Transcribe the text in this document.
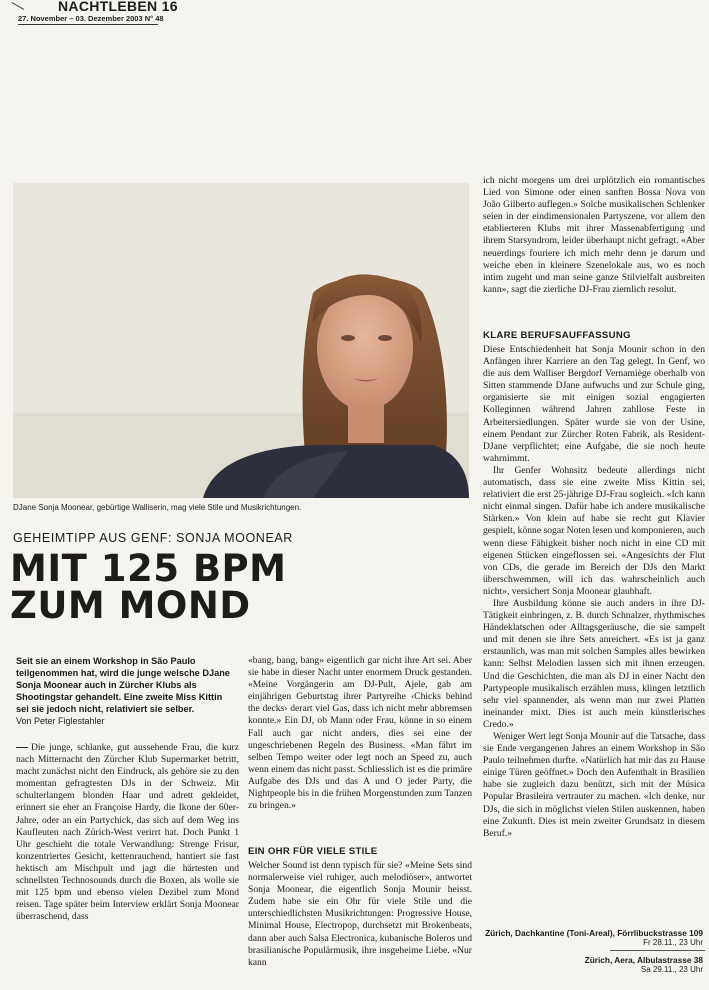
NACHTLEBEN 16
27. November – 03. Dezember 2003 N° 48
DJane Sonja Moonear, gebürtige Walliserin, mag viele Stile und Musikrichtungen.
GEHEIMTIPP AUS GENF: SONJA MOONEAR
MIT 125 BPM
ZUM MOND
Seit sie an einem Workshop in São Paulo teilgenommen hat, wird die junge welsche DJane Sonja Moonear auch in Zürcher Klubs als Shootingstar gehandelt. Eine zweite Miss Kittin sei sie jedoch nicht, relativiert sie selber.
Von Peter Figlestahler

Die junge, schlanke, gut aussehende Frau, die kurz nach Mitternacht den Zürcher Klub Supermarket betritt, macht zunächst nicht den Eindruck, als gehöre sie zu den momentan gefragtesten DJs in der Schweiz. Mit schulterlangem blonden Haar und adrett gekleidet, erinnert sie eher an Françoise Hardy, die Ikone der 60er-Jahre, oder an ein Partychick, das sich auf dem Weg ins Kaufleuten nach Zürich-West verirrt hat. Doch Punkt 1 Uhr geschieht die totale Verwandlung: Strenge Frisur, konzentriertes Gesicht, kettenrauchend, hantiert sie fast hektisch am Mischpult und jagt die härtesten und schnellsten Technosounds durch die Boxen, als wolle sie mit 125 bpm und ebenso vielen Dezibel zum Mond reisen. Tage später beim Interview erklärt Sonja Moonear überraschend, dass

«bang, bang, bang» eigentlich gar nicht ihre Art sei. Aber sie habe in dieser Nacht unter enormem Druck gestanden. «Meine Vorgängerin am DJ-Pult, Ajele, gab am einjährigen Geburtstag ihrer Partyreihe ‹Chicks behind the decks› derart viel Gas, dass ich nicht mehr abbremsen konnte.» Ein DJ, ob Mann oder Frau, könne in so einem Fall auch gar nicht anders, dies sei eine der ungeschriebenen Regeln des Business. «Man fährt im selben Tempo weiter oder legt noch an Speed zu, auch wenn einem das nicht passt. Schliesslich ist es die primäre Aufgabe des DJs und das A und O jeder Party, die Nightpeople bis in die frühen Morgenstunden zum Tanzen zu bringen.»

EIN OHR FÜR VIELE STILE

Welcher Sound ist denn typisch für sie? «Meine Sets sind normalerweise viel ruhiger, auch melodiöser», antwortet Sonja Moonear, die eigentlich Sonja Mounir heisst. Zudem habe sie ein Ohr für viele Stile und die unterschiedlichsten Musikrichtungen: Progressive House, Minimal House, Electropop, durchsetzt mit Brokenbeats, dann aber auch Salsa Electronica, kubanische Boleros und brasilianische Populärmusik, ihre insgeheime Liebe. «Nur kann

ich nicht morgens um drei urplötzlich ein romantisches Lied von Simone oder einen sanften Bossa Nova von João Gilberto auflegen.» Solche musikalischen Schlenker seien in der eindimensionalen Partyszene, vor allem den etablierteren Klubs mit ihrer Massenabfertigung und ihrem Starsyndrom, leider überhaupt nicht gefragt. «Aber neuerdings fouriere ich mich mehr denn je darum und weiche eben in kleinere Szenelokale aus, wo es noch intim zugeht und man seine ganze Stilvielfalt ausbreiten kann», sagt die zierliche DJ-Frau ziemlich resolut.

KLARE BERUFSAUFFASSUNG

Diese Entschiedenheit hat Sonja Mounir schon in den Anfängen ihrer Karriere an den Tag gelegt. In Genf, wo die aus dem Walliser Bergdorf Vernamiège oberhalb von Sitten stammende DJane aufwuchs und zur Schule ging, organisierte sie mit einigen sozial engagierten Kolleginnen während Jahren zahllose Feste in Arbeitersiedlungen. Später wurde sie von der Usine, einem Pendant zur Zürcher Roten Fabrik, als Resident-DJane verpflichtet; eine Aufgabe, die sie noch heute wahrnimmt.

Ihr Genfer Wohnsitz bedeute allerdings nicht automatisch, dass sie eine zweite Miss Kittin sei, relativiert die erst 25-jährige DJ-Frau sogleich. «Ich kann nicht einmal singen. Dafür habe ich andere musikalische Stärken.» Von klein auf habe sie recht gut Klavier gespielt, könne sogar Noten lesen und komponieren, auch wenn diese Fähigkeit bisher noch nicht in eine CD mit eigenen Stücken eingeflossen sei. «Angesichts der Flut von CDs, die gerade im Bereich der DJs den Markt überschwemmen, will ich das wahrscheinlich auch nicht», versichert Sonja Moonear glaubhaft.

Ihre Ausbildung könne sie auch anders in ihre DJ-Tätigkeit einbringen, z. B. durch Schnalzer, rhythmisches Händeklatschen oder Alltagsgeräusche, die sie sampelt und mit denen sie ihre Sets anreichert. «Es ist ja ganz erstaunlich, was man mit solchen Samples alles bewirken kann: Selbst Melodien lassen sich mit ihnen erzeugen. Und die Geschichten, die man als DJ in einer Nacht den Partypeople musikalisch erzählen muss, klingen letztlich sehr viel spannender, als wenn man nur zwei Platten ineinander mixt. Dies ist auch mein künstlerisches Credo.»

Weniger Wert legt Sonja Mounir auf die Tatsache, dass sie Ende vergangenen Jahres an einem Workshop in São Paulo teilnehmen durfte. «Natürlich hat mir das zu Hause einige Türen geöffnet.» Doch den Aufenthalt in Brasilien habe sie zugleich dazu benützt, sich mit der Música Popular Brasileira vertrauter zu machen. «Ich denke, nur DJs, die sich in möglichst vielen Stilen auskennen, haben eine Zukunft. Dies ist mein zweiter Grundsatz in diesem Beruf.»

Zürich, Dachkantine (Toni-Areal), Förrlibuckstrasse 109
Fr 28.11., 23 Uhr
Zürich, Aera, Albulastrasse 38
Sa 29.11., 23 Uhr
